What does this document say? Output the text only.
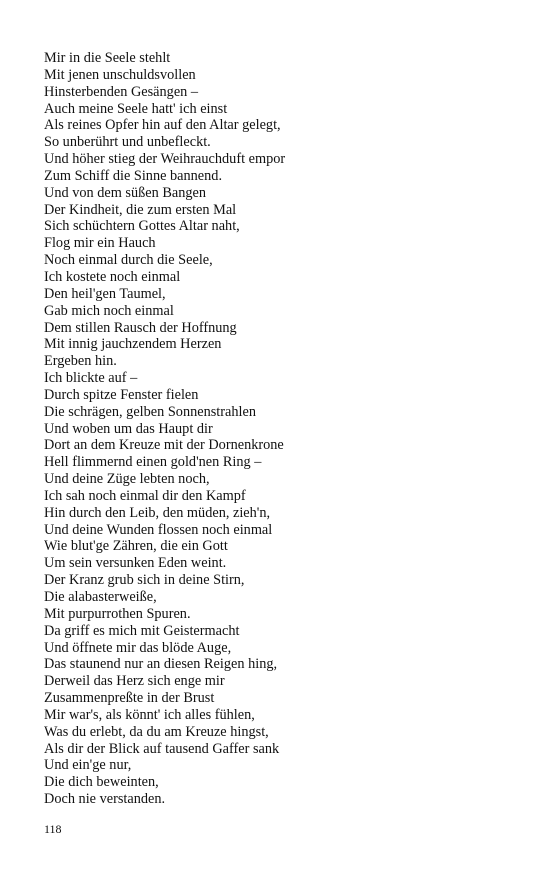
Mir in die Seele stehlt
Mit jenen unschuldsvollen
Hinsterbenden Gesängen –
Auch meine Seele hatt' ich einst
Als reines Opfer hin auf den Altar gelegt,
So unberührt und unbefleckt.
Und höher stieg der Weihrauchduft empor
Zum Schiff die Sinne bannend.
Und von dem süßen Bangen
Der Kindheit, die zum ersten Mal
Sich schüchtern Gottes Altar naht,
Flog mir ein Hauch
Noch einmal durch die Seele,
Ich kostete noch einmal
Den heil'gen Taumel,
Gab mich noch einmal
Dem stillen Rausch der Hoffnung
Mit innig jauchzendem Herzen
Ergeben hin.
Ich blickte auf –
Durch spitze Fenster fielen
Die schrägen, gelben Sonnenstrahlen
Und woben um das Haupt dir
Dort an dem Kreuze mit der Dornenkrone
Hell flimmernd einen gold'nen Ring –
Und deine Züge lebten noch,
Ich sah noch einmal dir den Kampf
Hin durch den Leib, den müden, zieh'n,
Und deine Wunden flossen noch einmal
Wie blut'ge Zähren, die ein Gott
Um sein versunken Eden weint.
Der Kranz grub sich in deine Stirn,
Die alabasterweiße,
Mit purpurrothen Spuren.
Da griff es mich mit Geistermacht
Und öffnete mir das blöde Auge,
Das staunend nur an diesen Reigen hing,
Derweil das Herz sich enge mir
Zusammenpreßte in der Brust
Mir war's, als könnt' ich alles fühlen,
Was du erlebt, da du am Kreuze hingst,
Als dir der Blick auf tausend Gaffer sank
Und ein'ge nur,
Die dich beweinten,
Doch nie verstanden.
118
